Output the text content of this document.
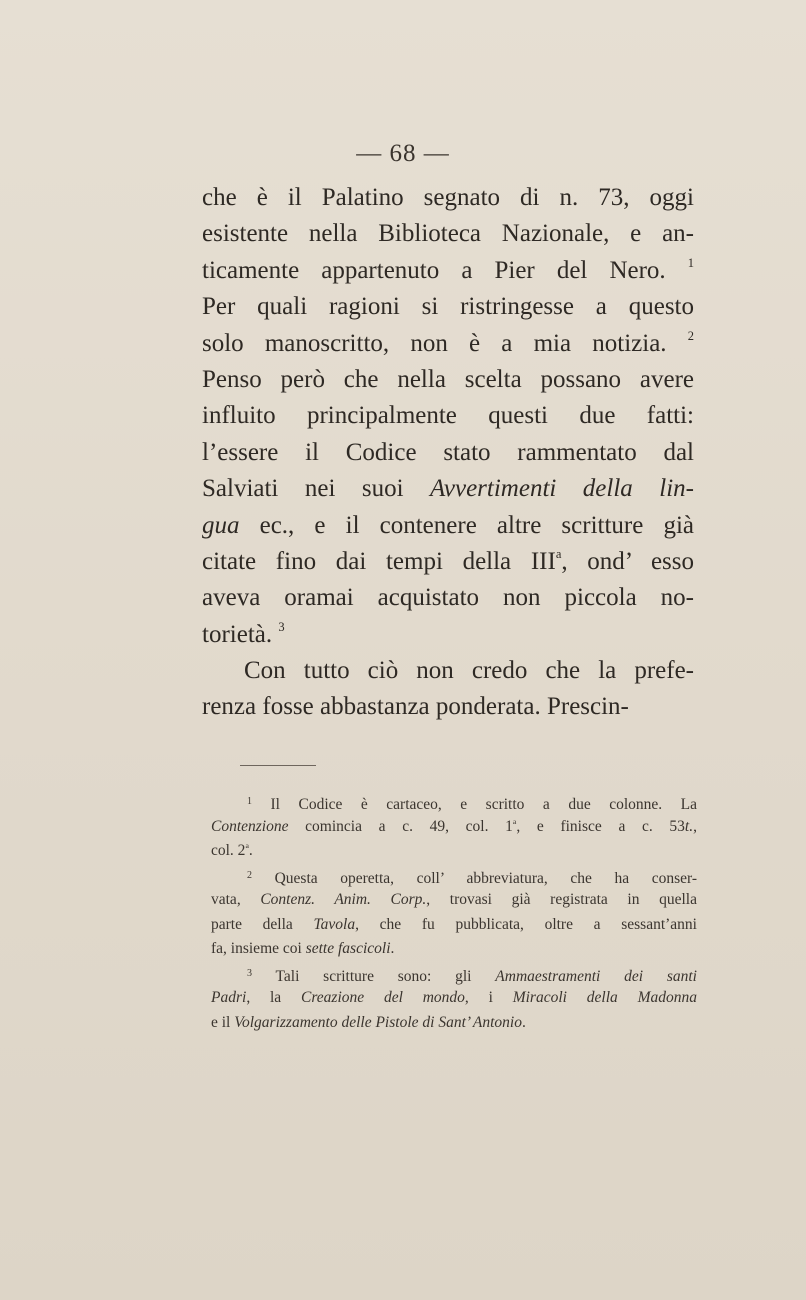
— 68 —
che è il Palatino segnato di n. 73, oggi
esistente nella Biblioteca Nazionale, e an-
ticamente appartenuto a Pier del Nero. $^1$
Per quali ragioni si ristringesse a questo
solo manoscritto, non è a mia notizia. $^2$
Penso però che nella scelta possano avere
influito principalmente questi due fatti:
l’essere il Codice stato rammentato dal
Salviati nei suoi Avvertimenti della lin-
gua ec., e il contenere altre scritture già
citate fino dai tempi della III$^a$, ond’ esso
aveva oramai acquistato non piccola no-
torietà. $^3$
Con tutto ciò non credo che la prefe-
renza fosse abbastanza ponderata. Prescin-
$^1$ Il Codice è cartaceo, e scritto a due colonne. La
Contenzione comincia a c. 49, col. 1$^a$, e finisce a c. 53t.,
col. 2$^a$.
$^2$ Questa operetta, coll’ abbreviatura, che ha conser-
vata, Contenz. Anim. Corp., trovasi già registrata in quella
parte della Tavola, che fu pubblicata, oltre a sessant’anni
fa, insieme coi sette fascicoli.
$^3$ Tali scritture sono: gli Ammaestramenti dei santi
Padri, la Creazione del mondo, i Miracoli della Madonna
e il Volgarizzamento delle Pistole di Sant’ Antonio.
